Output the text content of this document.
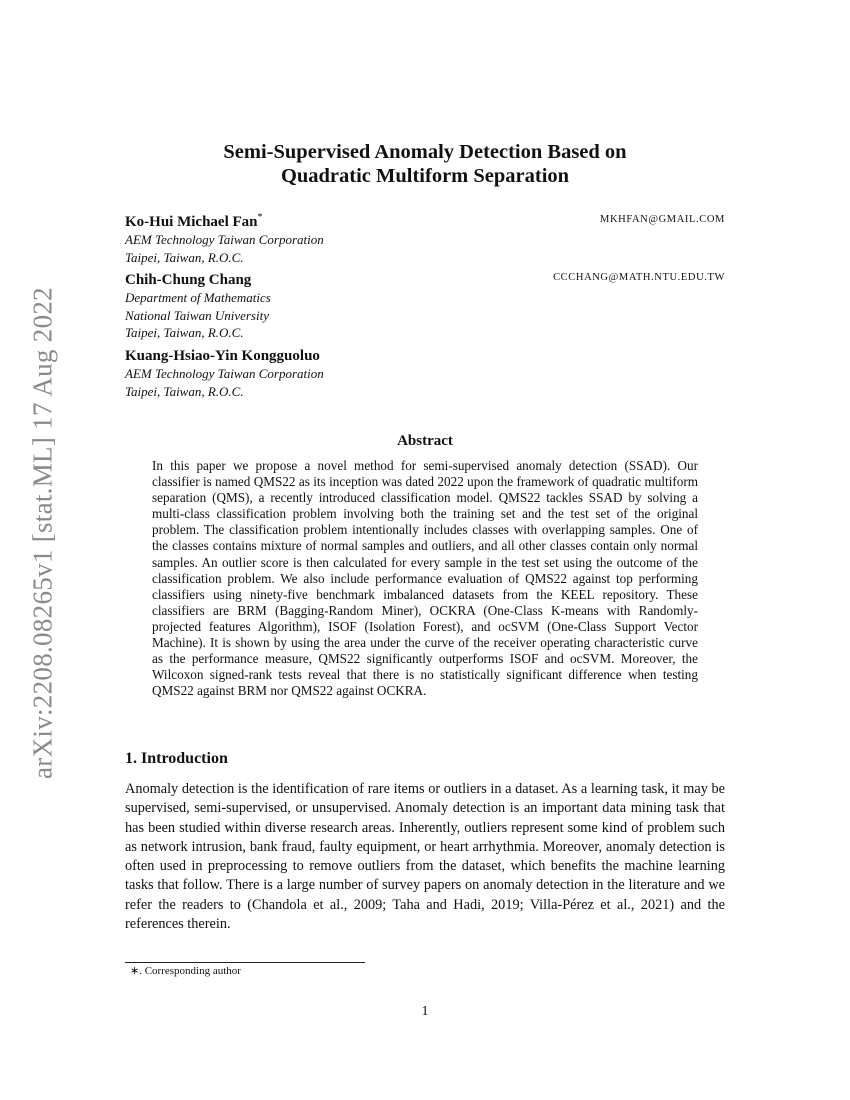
arXiv:2208.08265v1 [stat.ML] 17 Aug 2022
Semi-Supervised Anomaly Detection Based on
Quadratic Multiform Separation
Ko-Hui Michael Fan*	MKHFAN@GMAIL.COM
AEM Technology Taiwan Corporation
Taipei, Taiwan, R.O.C.
Chih-Chung Chang	CCCHANG@MATH.NTU.EDU.TW
Department of Mathematics
National Taiwan University
Taipei, Taiwan, R.O.C.
Kuang-Hsiao-Yin Kongguoluo
AEM Technology Taiwan Corporation
Taipei, Taiwan, R.O.C.
Abstract
In this paper we propose a novel method for semi-supervised anomaly detection (SSAD). Our classifier is named QMS22 as its inception was dated 2022 upon the framework of quadratic multiform separation (QMS), a recently introduced classification model. QMS22 tackles SSAD by solving a multi-class classification problem involving both the training set and the test set of the original problem. The classification problem intentionally includes classes with overlapping samples. One of the classes contains mixture of normal samples and outliers, and all other classes contain only normal samples. An outlier score is then calculated for every sample in the test set using the outcome of the classification problem. We also include performance evaluation of QMS22 against top performing classifiers using ninety-five benchmark imbalanced datasets from the KEEL repository. These classifiers are BRM (Bagging-Random Miner), OCKRA (One-Class K-means with Randomly-projected features Algorithm), ISOF (Isolation Forest), and ocSVM (One-Class Support Vector Machine). It is shown by using the area under the curve of the receiver operating characteristic curve as the performance measure, QMS22 significantly outperforms ISOF and ocSVM. Moreover, the Wilcoxon signed-rank tests reveal that there is no statistically significant difference when testing QMS22 against BRM nor QMS22 against OCKRA.
1. Introduction
Anomaly detection is the identification of rare items or outliers in a dataset. As a learning task, it may be supervised, semi-supervised, or unsupervised. Anomaly detection is an important data mining task that has been studied within diverse research areas. Inherently, outliers represent some kind of problem such as network intrusion, bank fraud, faulty equipment, or heart arrhythmia. Moreover, anomaly detection is often used in preprocessing to remove outliers from the dataset, which benefits the machine learning tasks that follow. There is a large number of survey papers on anomaly detection in the literature and we refer the readers to (Chandola et al., 2009; Taha and Hadi, 2019; Villa-Pérez et al., 2021) and the references therein.
∗. Corresponding author
1
